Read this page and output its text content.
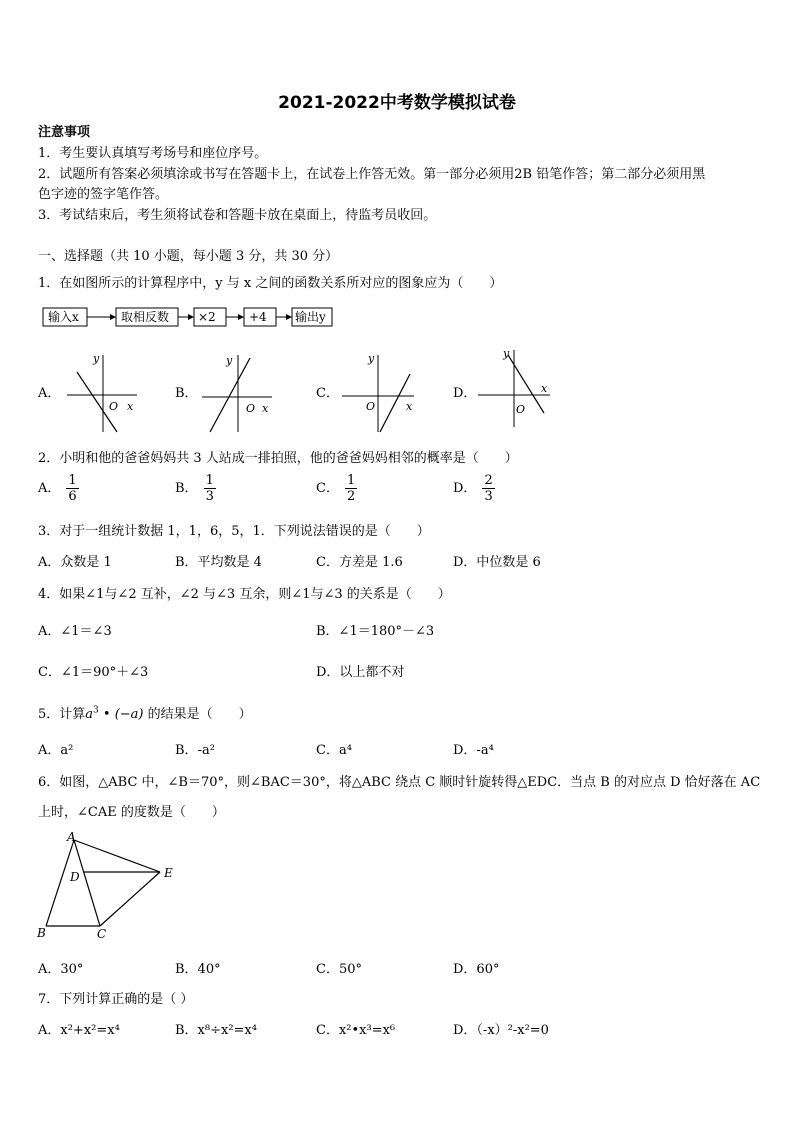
2021-2022中考数学模拟试卷
注意事项
1．考生要认真填写考场号和座位序号。
2．试题所有答案必须填涂或书写在答题卡上，在试卷上作答无效。第一部分必须用2B 铅笔作答；第二部分必须用黑
色字迹的签字笔作答。
3．考试结束后，考生须将试卷和答题卡放在桌面上，待监考员收回。
一、选择题（共 10 小题，每小题 3 分，共 30 分）
1．在如图所示的计算程序中，y 与 x 之间的函数关系所对应的图象应为（　　）
输入x	取相反数 ×2	+4 输出y
A．	B．	C．	D．
y
O x
y
O x
y
O	x
y
O
x
2．小明和他的爸爸妈妈共 3 人站成一排拍照，他的爸爸妈妈相邻的概率是（　　）
A． $\frac{1}{6}$	B． $\frac{1}{3}$	C． $\frac{1}{2}$	D． $\frac{2}{3}$
3．对于一组统计数据 1，1，6，5，1．下列说法错误的是（　　）
A．众数是 1	B．平均数是 4	C．方差是 1.6	D．中位数是 6
4．如果∠1与∠2 互补，∠2 与∠3 互余，则∠1与∠3 的关系是（　　）
A．∠1＝∠3	B．∠1＝180°－∠3
C．∠1＝90°＋∠3	D．以上都不对
5．计算$a^3$ • (−a) 的结果是（　　）
A．a²	B．-a²	C．a⁴	D．-a⁴
6．如图，△ABC 中，∠B＝70°，则∠BAC＝30°，将△ABC 绕点 C 顺时针旋转得△EDC．当点 B 的对应点 D 恰好落在 AC
上时，∠CAE 的度数是（　　）
A
D	E
B	C
A．30°	B．40°	C．50°	D．60°
7．下列计算正确的是（ ）
A．x²+x²=x⁴	B．x⁸÷x²=x⁴	C．x²•x³=x⁶	D．（-x）²-x²=0
